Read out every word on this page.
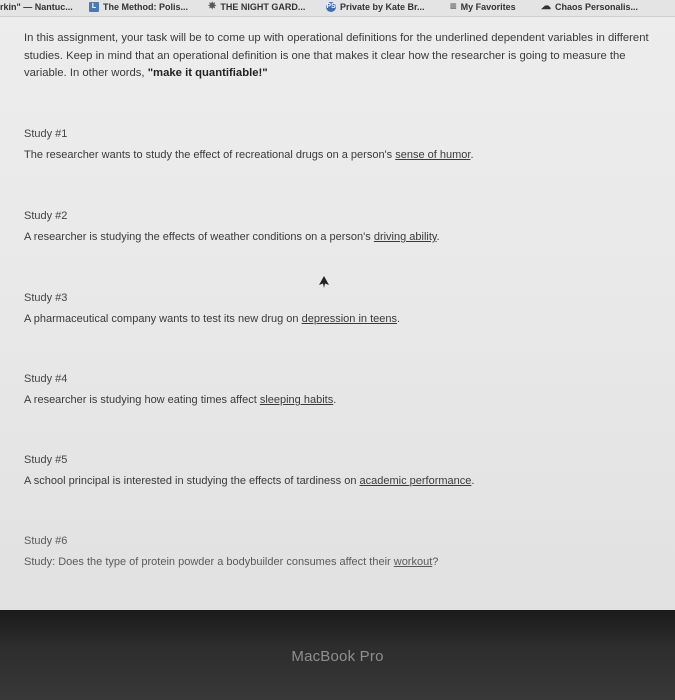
rkin" — Nantuc...	L The Method: Polis... ✵ THE NIGHT GARD...	PS Private by Kate Br...	▥ My Favorites	☁ Chaos Personalis...

In this assignment, your task will be to come up with operational definitions for the underlined dependent variables in different studies. Keep in mind that an operational definition is one that makes it clear how the researcher is going to measure the variable. In other words, "make it quantifiable!"

Study #1

The researcher wants to study the effect of recreational drugs on a person's sense of humor.

Study #2

A researcher is studying the effects of weather conditions on a person's driving ability.

Study #3

A pharmaceutical company wants to test its new drug on depression in teens.

Study #4

A researcher is studying how eating times affect sleeping habits.

Study #5

A school principal is interested in studying the effects of tardiness on academic performance.

Study #6

Study: Does the type of protein powder a bodybuilder consumes affect their workout?

MacBook Pro
